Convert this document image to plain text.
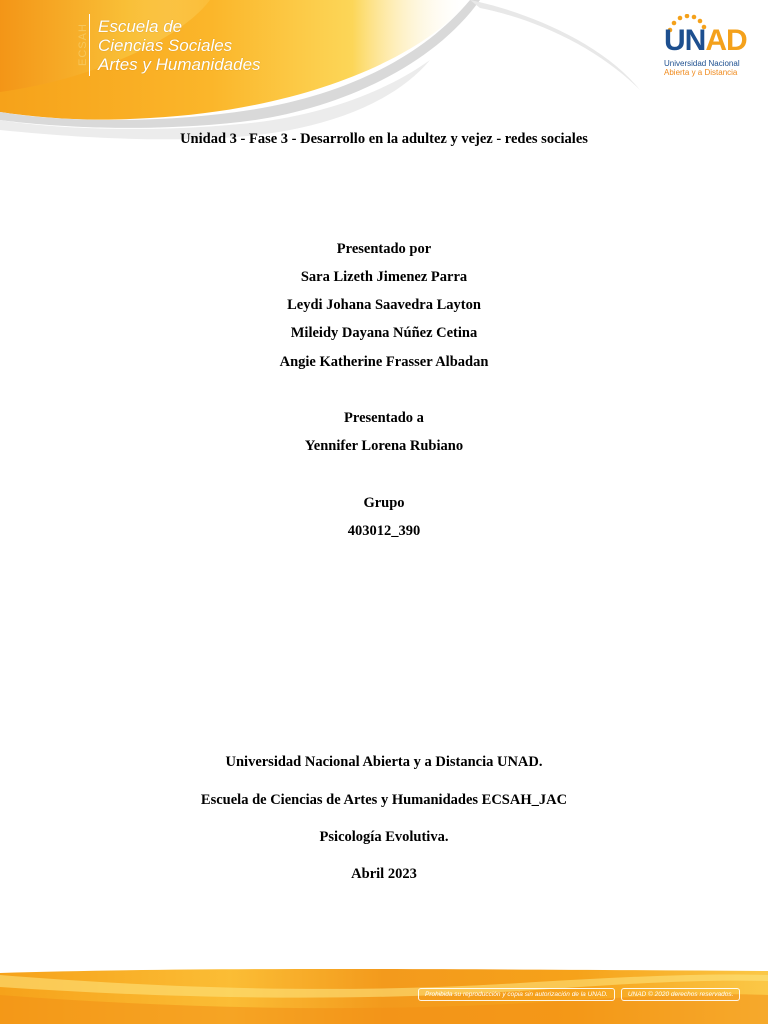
ECSAH Escuela de
Ciencias Sociales
Artes y Humanidades
UNAD
Universidad Nacional
Abierta y a Distancia
Unidad 3 - Fase 3 - Desarrollo en la adultez y vejez - redes sociales
Presentado por
Sara Lizeth Jimenez Parra
Leydi Johana Saavedra Layton
Mileidy Dayana Núñez Cetina
Angie Katherine Frasser Albadan
Presentado a
Yennifer Lorena Rubiano
Grupo
403012_390
Universidad Nacional Abierta y a Distancia UNAD.
Escuela de Ciencias de Artes y Humanidades ECSAH_JAC
Psicología Evolutiva.
Abril 2023
Prohibida su reproducción y copia sin autorización de la UNAD.	UNAD © 2020 derechos reservados.
